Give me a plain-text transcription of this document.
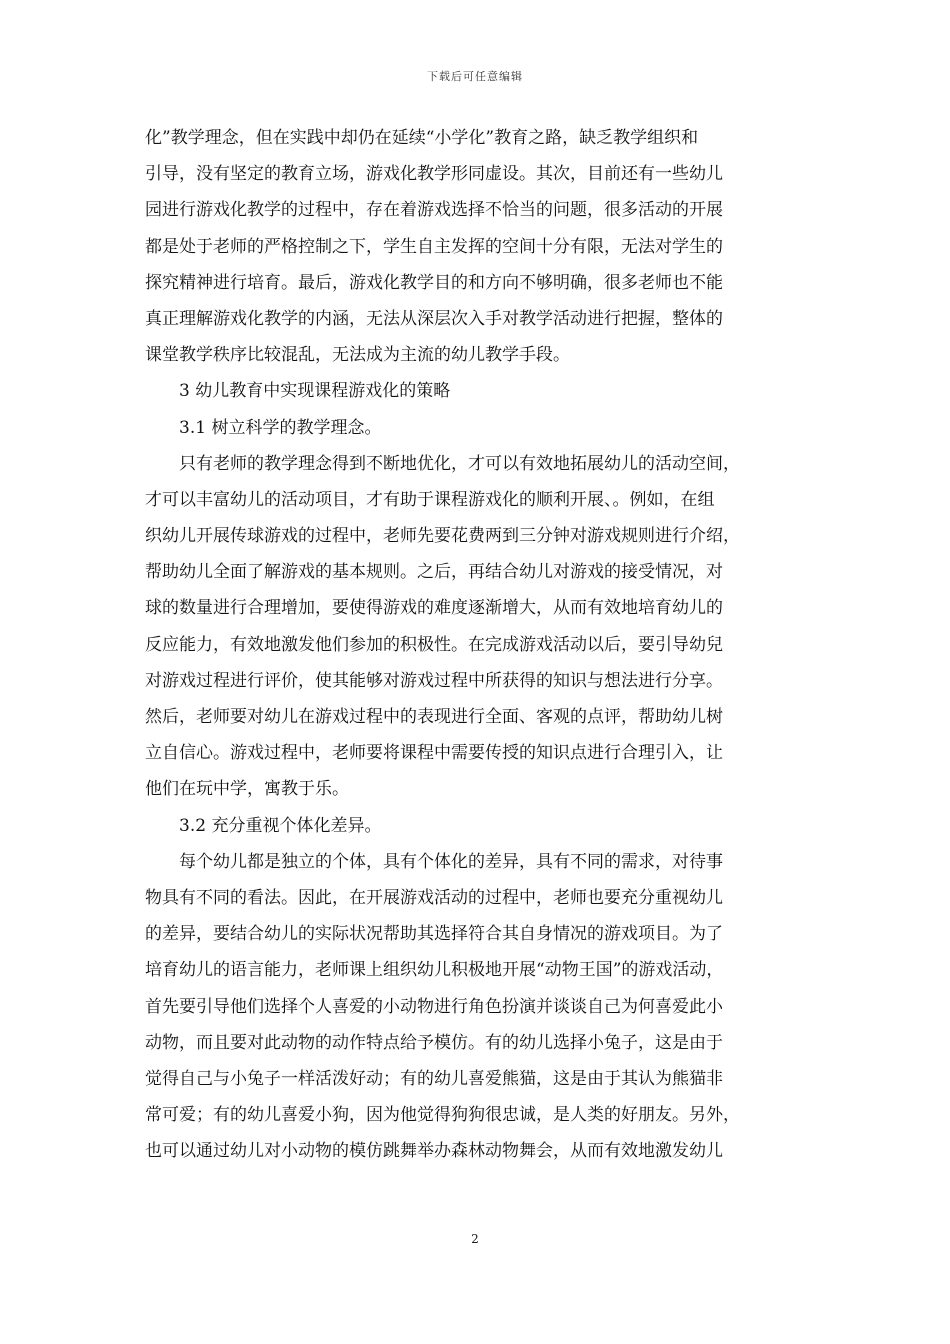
下载后可任意编辑
化”教学理念，但在实践中却仍在延续“小学化”教育之路，缺乏教学组织和
引导，没有坚定的教育立场，游戏化教学形同虚设。其次，目前还有一些幼儿
园进行游戏化教学的过程中，存在着游戏选择不恰当的问题，很多活动的开展
都是处于老师的严格控制之下，学生自主发挥的空间十分有限，无法对学生的
探究精神进行培育。最后，游戏化教学目的和方向不够明确，很多老师也不能
真正理解游戏化教学的内涵，无法从深层次入手对教学活动进行把握，整体的
课堂教学秩序比较混乱，无法成为主流的幼儿教学手段。
3 幼儿教育中实现课程游戏化的策略
3.1 树立科学的教学理念。
只有老师的教学理念得到不断地优化，才可以有效地拓展幼儿的活动空间，
才可以丰富幼儿的活动项目，才有助于课程游戏化的顺利开展、。例如，在组
织幼儿开展传球游戏的过程中，老师先要花费两到三分钟对游戏规则进行介绍，
帮助幼儿全面了解游戏的基本规则。之后，再结合幼儿对游戏的接受情况，对
球的数量进行合理增加，要使得游戏的难度逐渐增大，从而有效地培育幼儿的
反应能力，有效地激发他们参加的积极性。在完成游戏活动以后，要引导幼兒
对游戏过程进行评价，使其能够对游戏过程中所获得的知识与想法进行分享。
然后，老师要对幼儿在游戏过程中的表现进行全面、客观的点评，帮助幼儿树
立自信心。游戏过程中，老师要将课程中需要传授的知识点进行合理引入，让
他们在玩中学，寓教于乐。
3.2 充分重视个体化差异。
每个幼儿都是独立的个体，具有个体化的差异，具有不同的需求，对待事
物具有不同的看法。因此，在开展游戏活动的过程中，老师也要充分重视幼儿
的差异，要结合幼儿的实际状况帮助其选择符合其自身情况的游戏项目。为了
培育幼儿的语言能力，老师课上组织幼儿积极地开展“动物王国”的游戏活动，
首先要引导他们选择个人喜爱的小动物进行角色扮演并谈谈自己为何喜爱此小
动物，而且要对此动物的动作特点给予模仿。有的幼儿选择小兔子，这是由于
觉得自己与小兔子一样活泼好动；有的幼儿喜爱熊猫，这是由于其认为熊猫非
常可爱；有的幼儿喜爱小狗，因为他觉得狗狗很忠诚，是人类的好朋友。另外，
也可以通过幼儿对小动物的模仿跳舞举办森林动物舞会，从而有效地激发幼儿
2
